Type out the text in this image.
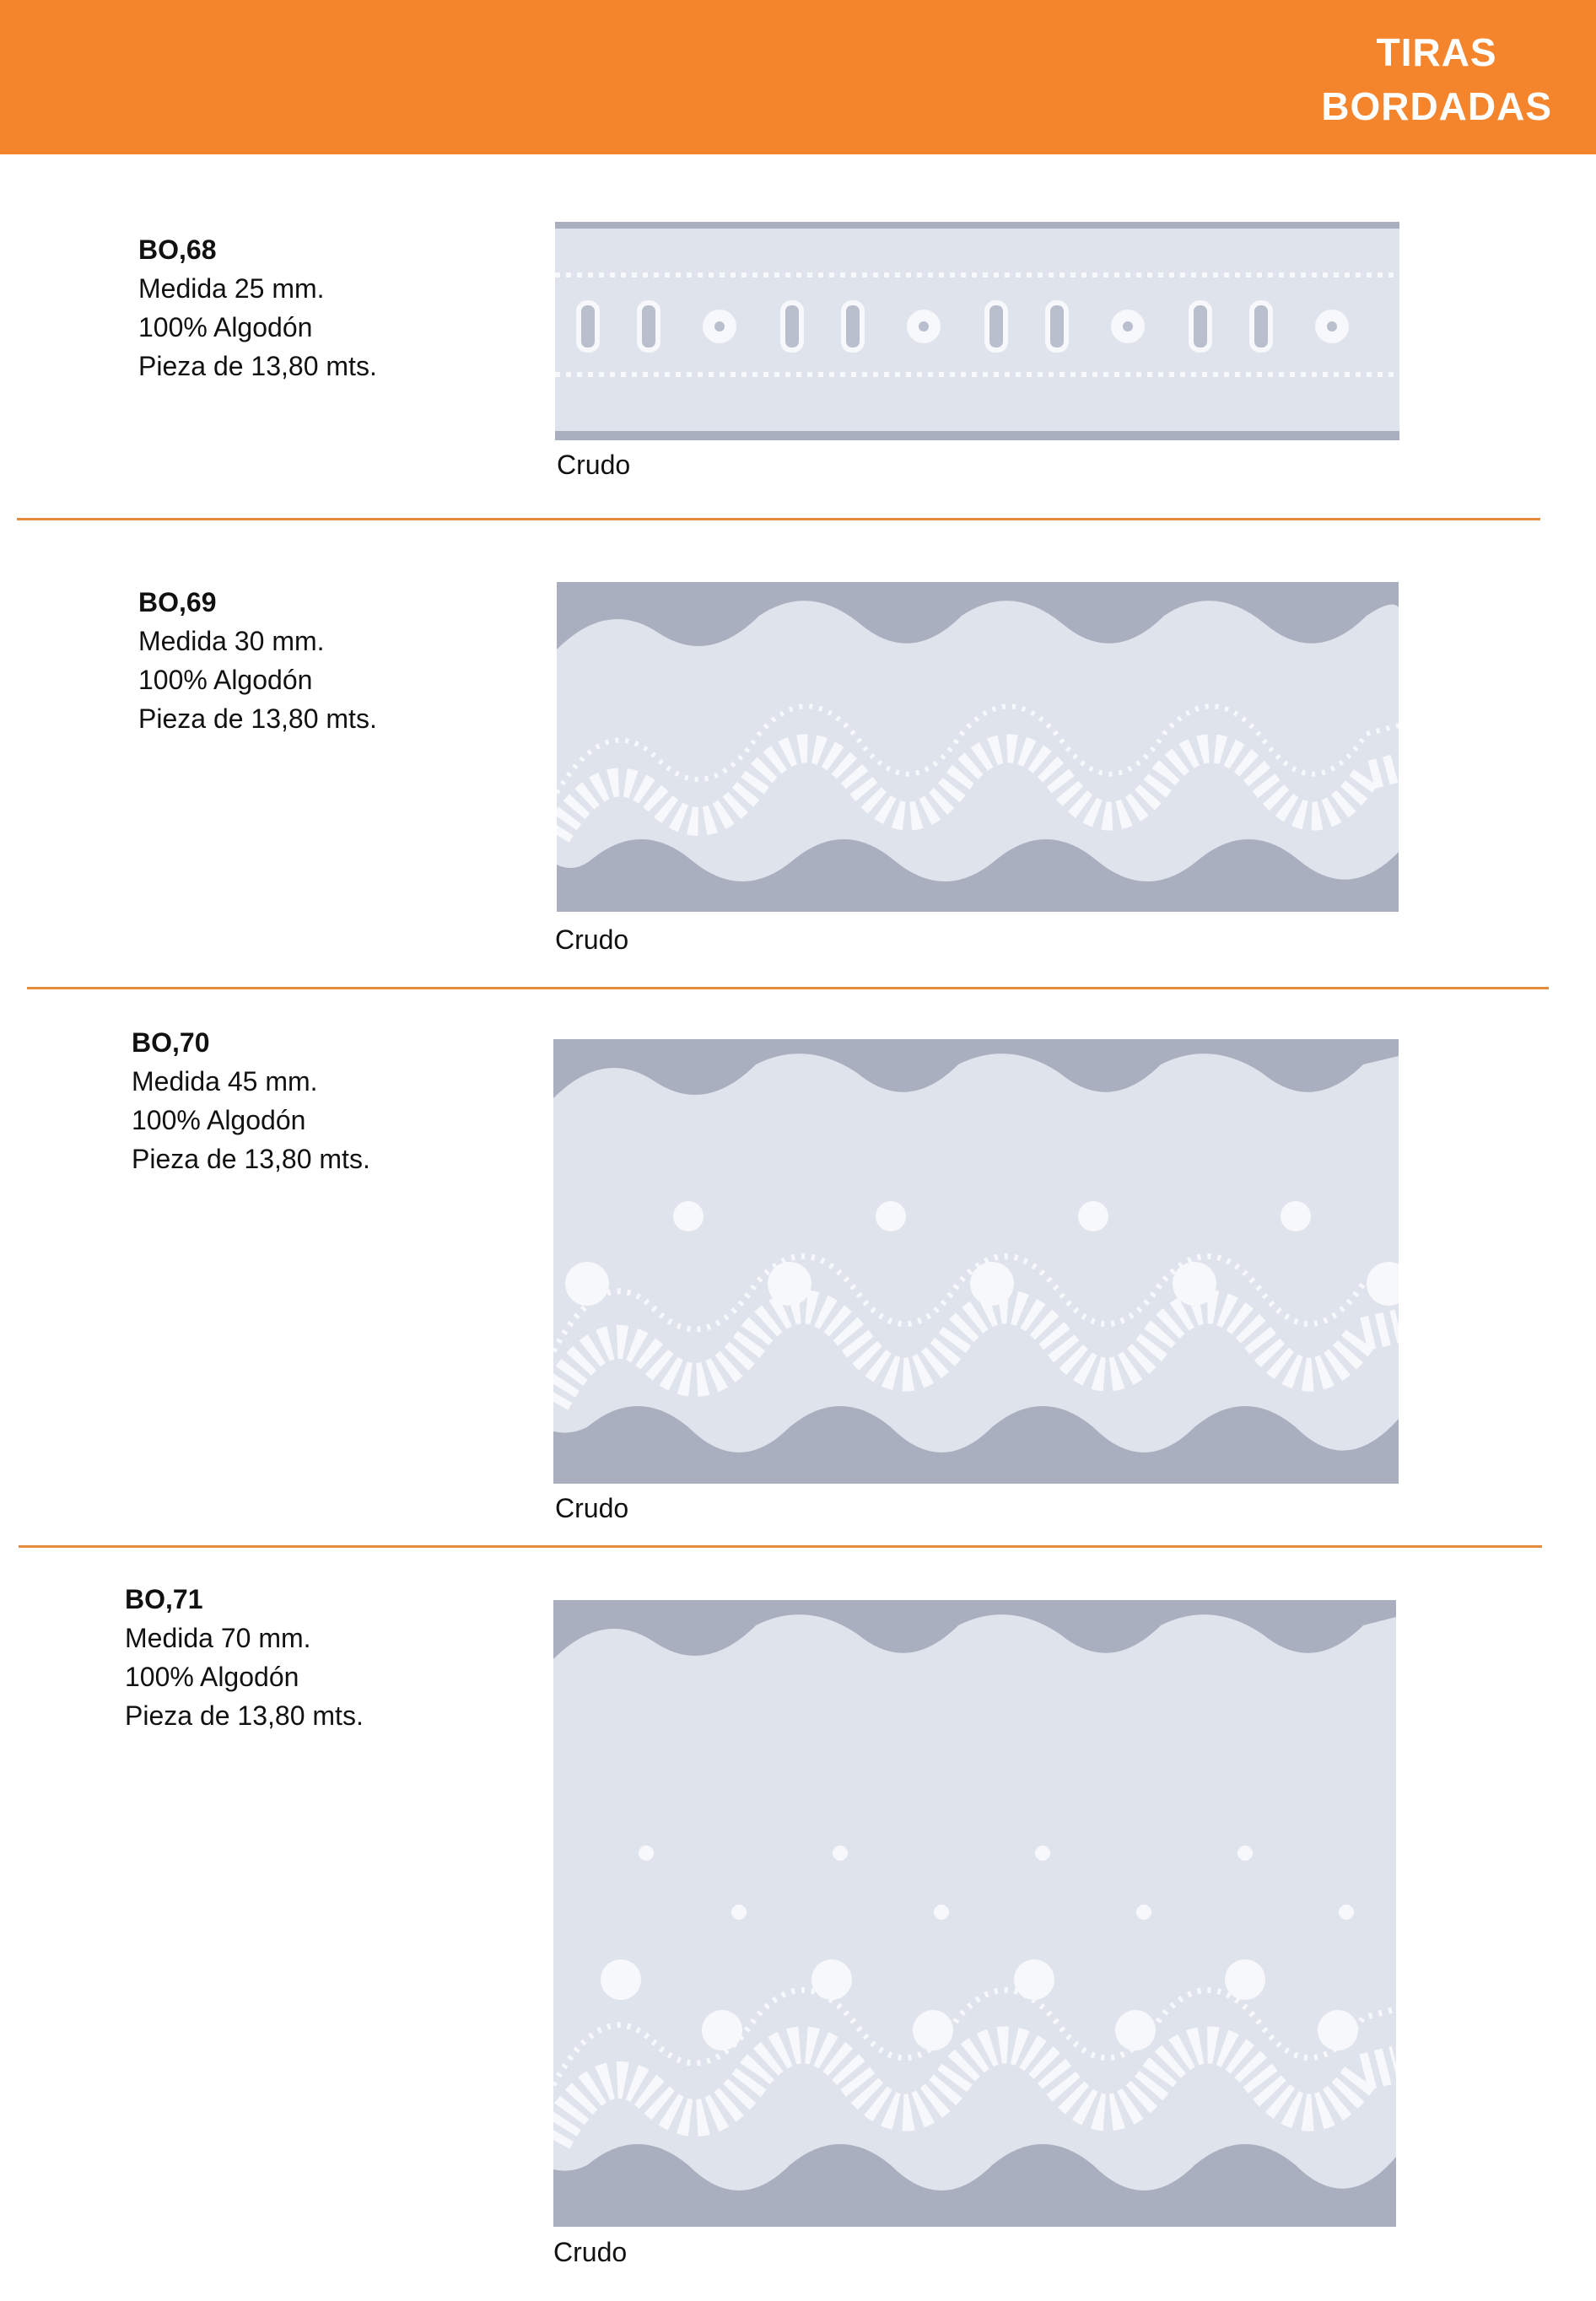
TIRAS
BORDADAS
BO,68
Medida 25 mm.
100% Algodón
Pieza de 13,80 mts.
Crudo
BO,69
Medida 30 mm.
100% Algodón
Pieza de 13,80 mts.
Crudo
BO,70
Medida 45 mm.
100% Algodón
Pieza de 13,80 mts.
Crudo
BO,71
Medida 70 mm.
100% Algodón
Pieza de 13,80 mts.
Crudo
